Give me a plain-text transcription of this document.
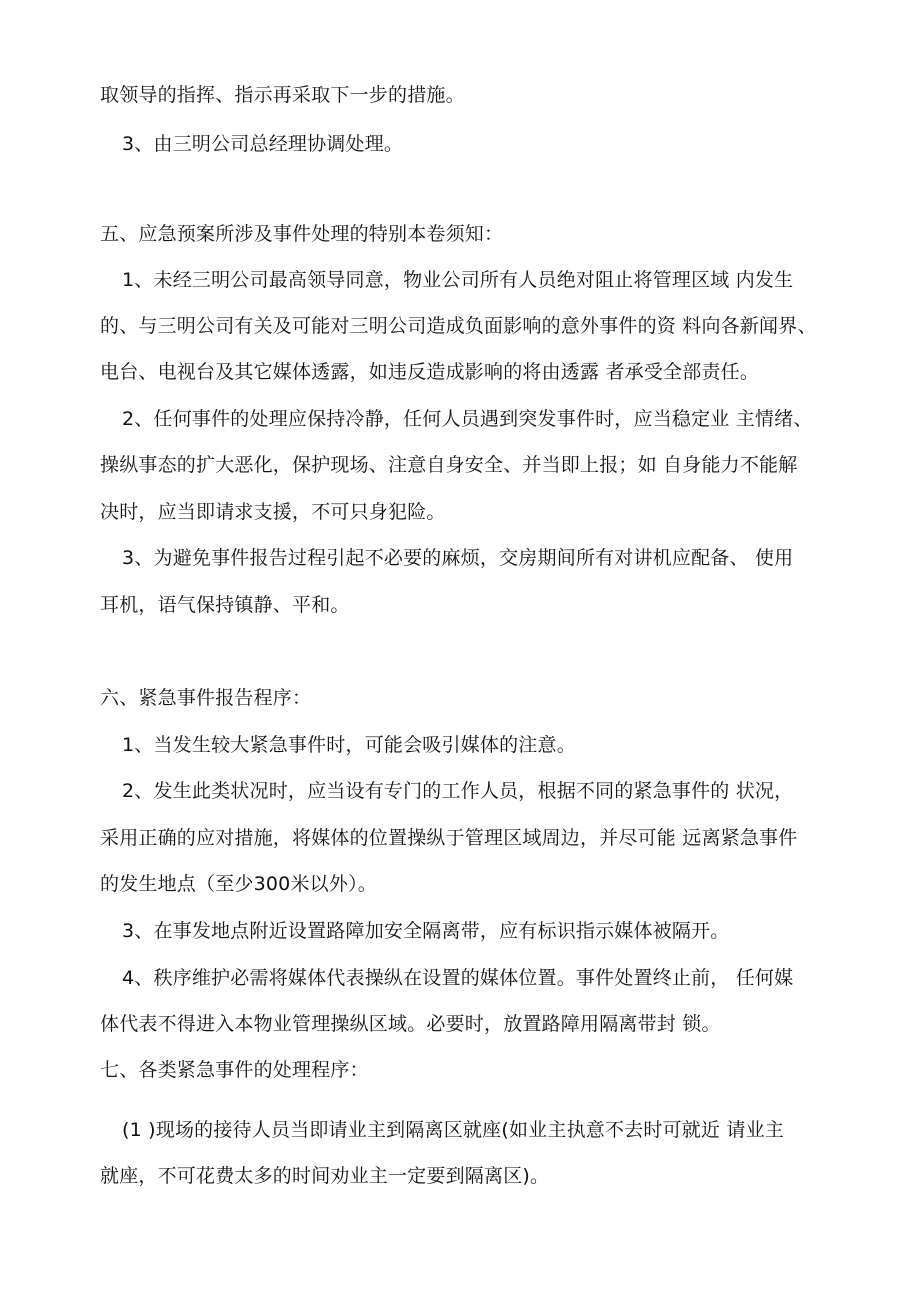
取领导的指挥、指示再采取下一步的措施。
3、由三明公司总经理协调处理。
五、应急预案所涉及事件处理的特别本卷须知：
1、未经三明公司最高领导同意，物业公司所有人员绝对阻止将管理区域 内发生
的、与三明公司有关及可能对三明公司造成负面影响的意外事件的资 料向各新闻界、
电台、电视台及其它媒体透露，如违反造成影响的将由透露 者承受全部责任。
2、任何事件的处理应保持冷静，任何人员遇到突发事件时，应当稳定业 主情绪、
操纵事态的扩大恶化，保护现场、注意自身安全、并当即上报；如 自身能力不能解
决时，应当即请求支援，不可只身犯险。
3、为避免事件报告过程引起不必要的麻烦，交房期间所有对讲机应配备、 使用
耳机，语气保持镇静、平和。
六、紧急事件报告程序：
1、当发生较大紧急事件时，可能会吸引媒体的注意。
2、发生此类状况时，应当设有专门的工作人员，根据不同的紧急事件的 状况，
采用正确的应对措施，将媒体的位置操纵于管理区域周边，并尽可能 远离紧急事件
的发生地点（至少300米以外）。
3、在事发地点附近设置路障加安全隔离带，应有标识指示媒体被隔开。
4、秩序维护必需将媒体代表操纵在设置的媒体位置。事件处置终止前， 任何媒
体代表不得进入本物业管理操纵区域。必要时，放置路障用隔离带封 锁。
七、各类紧急事件的处理程序：
(1 )现场的接待人员当即请业主到隔离区就座(如业主执意不去时可就近 请业主
就座，不可花费太多的时间劝业主一定要到隔离区)。
